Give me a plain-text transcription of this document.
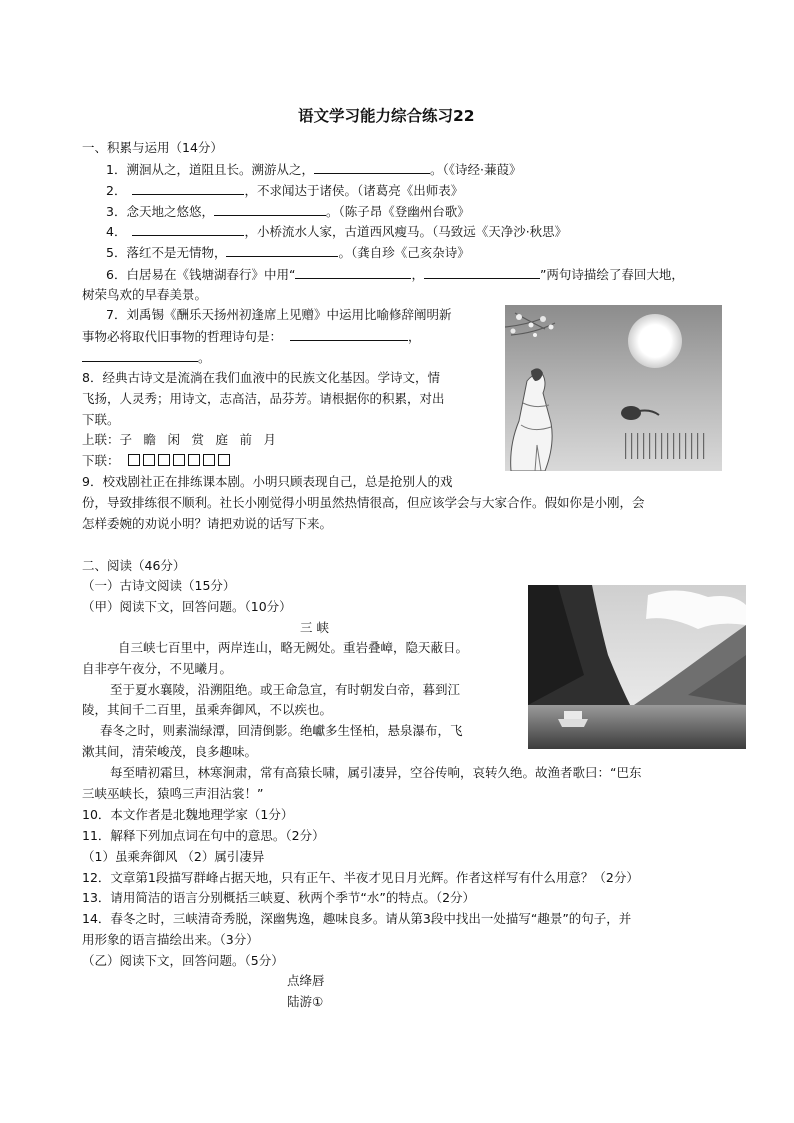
语文学习能力综合练习22
一、积累与运用（14分）
1．溯洄从之，道阻且长。溯游从之，	。（《诗经·蒹葭》
2．	，不求闻达于诸侯。（诸葛亮《出师表》
3．念天地之悠悠，	。（陈子昂《登幽州台歌》
4．	，小桥流水人家，古道西风瘦马。（马致远《天净沙·秋思》
5．落红不是无情物，	。（龚自珍《己亥杂诗》
6．白居易在《钱塘湖春行》中用“	，	”两句诗描绘了春回大地，
树荣鸟欢的早春美景。
7．刘禹锡《酬乐天扬州初逢席上见赠》中运用比喻修辞阐明新
事物必将取代旧事物的哲理诗句是：	，
。
8．经典古诗文是流淌在我们血液中的民族文化基因。学诗文，情
飞扬，人灵秀；用诗文，志高洁，品芬芳。请根据你的积累，对出
下联。
上联：子 瞻 闲 赏 庭 前 月
下联：
9．校戏剧社正在排练课本剧。小明只顾表现自己，总是抢别人的戏
份，导致排练很不顺利。社长小刚觉得小明虽然热情很高，但应该学会与大家合作。假如你是小刚，会
怎样委婉的劝说小明？请把劝说的话写下来。
二、阅读（46分）
（一）古诗文阅读（15分）
（甲）阅读下文，回答问题。（10分）
三 峡
自三峡七百里中，两岸连山，略无阙处。重岩叠嶂，隐天蔽日。
自非亭午夜分，不见曦月。
至于夏水襄陵，沿溯阻绝。或王命急宣，有时朝发白帝，暮到江
陵，其间千二百里，虽乘奔御风，不以疾也。
春冬之时，则素湍绿潭，回清倒影。绝巘多生怪柏，悬泉瀑布，飞
漱其间，清荣峻茂，良多趣味。
每至晴初霜旦，林寒涧肃，常有高猿长啸，属引凄异，空谷传响，哀转久绝。故渔者歌曰：“巴东
三峡巫峡长，猿鸣三声泪沾裳！”
10．本文作者是北魏地理学家（1分）
11．解释下列加点词在句中的意思。（2分）
（1）虽乘奔御风 （2）属引凄异
12．文章第1段描写群峰占据天地，只有正午、半夜才见日月光辉。作者这样写有什么用意？（2分）
13．请用简洁的语言分别概括三峡夏、秋两个季节“水”的特点。（2分）
14．春冬之时，三峡清奇秀脱，深幽隽逸，趣味良多。请从第3段中找出一处描写“趣景”的句子，并
用形象的语言描绘出来。（3分）
（乙）阅读下文，回答问题。（5分）
点绛唇
陆游①
